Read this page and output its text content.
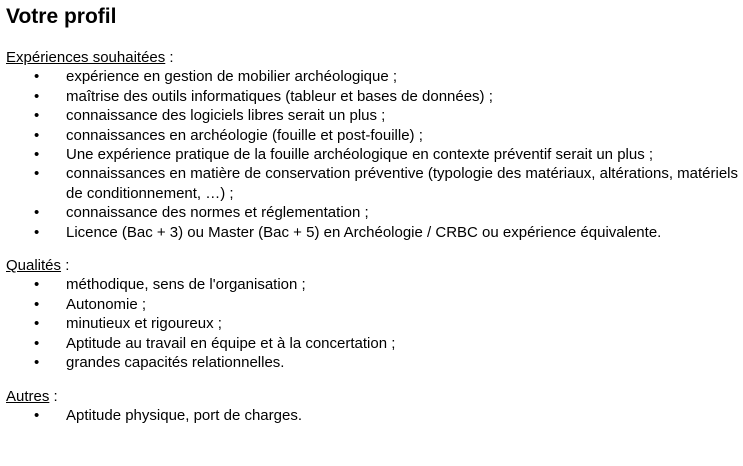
Votre profil

Expériences souhaitées :

• expérience en gestion de mobilier archéologique ;
• maîtrise des outils informatiques (tableur et bases de données) ;
• connaissance des logiciels libres serait un plus ;
• connaissances en archéologie (fouille et post-fouille) ;
• Une expérience pratique de la fouille archéologique en contexte préventif serait un plus ;
• connaissances en matière de conservation préventive (typologie des matériaux, altérations, matériels de conditionnement, …) ;
• connaissance des normes et réglementation ;
• Licence (Bac + 3) ou Master (Bac + 5) en Archéologie / CRBC ou expérience équivalente.

Qualités :

• méthodique, sens de l'organisation ;
• Autonomie ;
• minutieux et rigoureux ;
• Aptitude au travail en équipe et à la concertation ;
• grandes capacités relationnelles.

Autres :

• Aptitude physique, port de charges.
